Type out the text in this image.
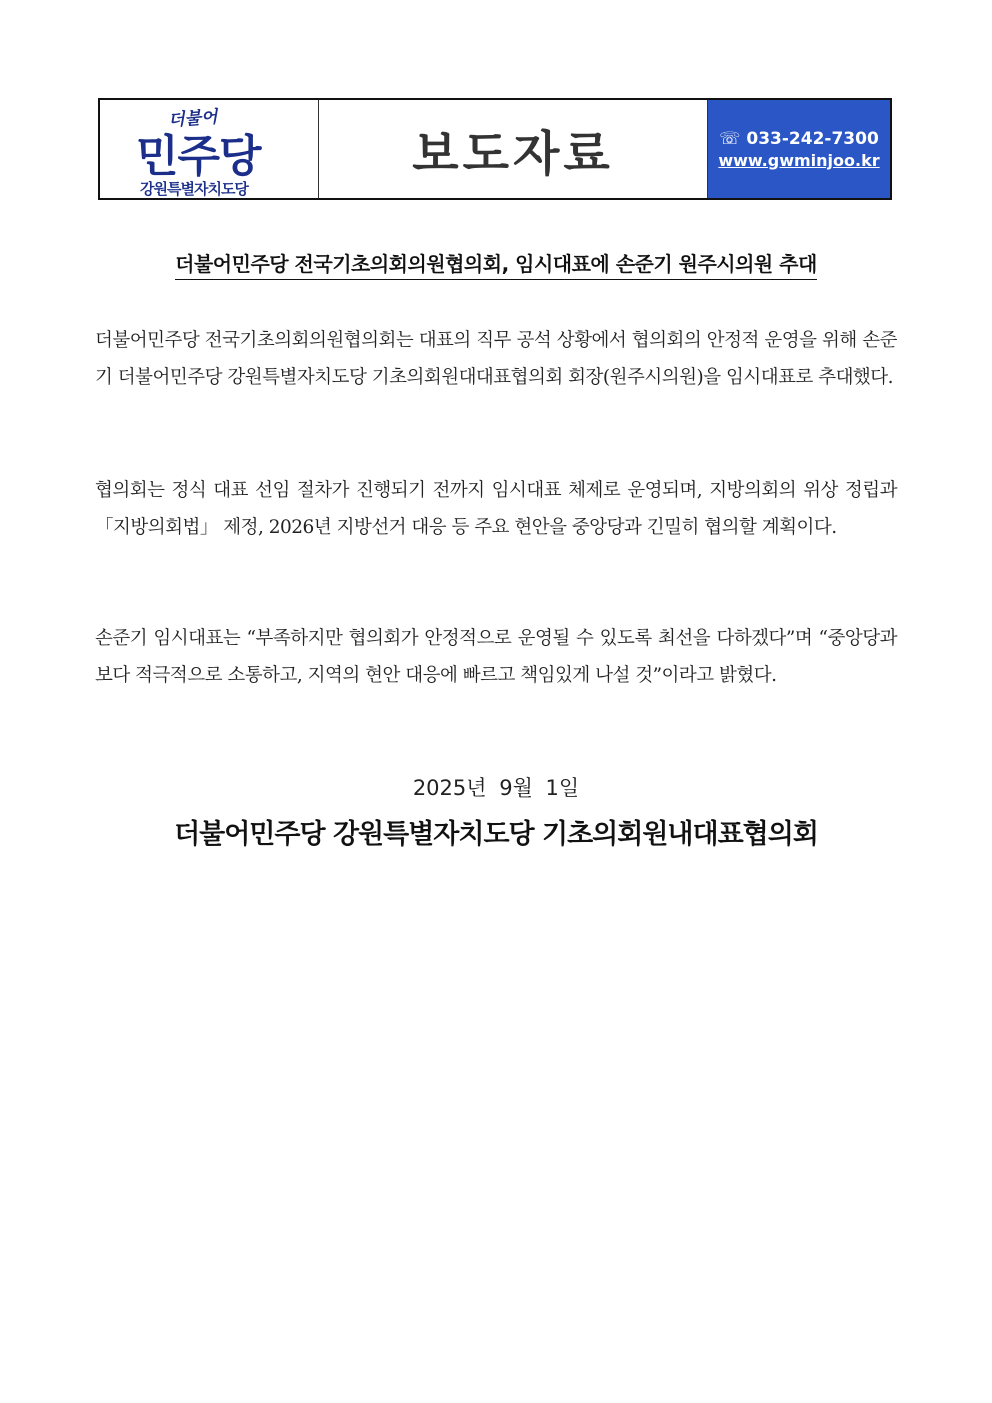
더불어
민주당
강원특별자치도당
보도자료	☏ 033-242-7300
www.gwminjoo.kr
더불어민주당 전국기초의회의원협의회, 임시대표에 손준기 원주시의원 추대
더불어민주당 전국기초의회의원협의회는 대표의 직무 공석 상황에서 협의회의 안정적 운영을 위해 손준기 더불어민주당 강원특별자치도당 기초의회원대대표협의회 회장(원주시의원)을 임시대표로 추대했다.
협의회는 정식 대표 선임 절차가 진행되기 전까지 임시대표 체제로 운영되며, 지방의회의 위상 정립과 「지방의회법」 제정, 2026년 지방선거 대응 등 주요 현안을 중앙당과 긴밀히 협의할 계획이다.
손준기 임시대표는 “부족하지만 협의회가 안정적으로 운영될 수 있도록 최선을 다하겠다”며 “중앙당과 보다 적극적으로 소통하고, 지역의 현안 대응에 빠르고 책임있게 나설 것”이라고 밝혔다.
2025년 9월 1일
더불어민주당 강원특별자치도당 기초의회원내대표협의회
